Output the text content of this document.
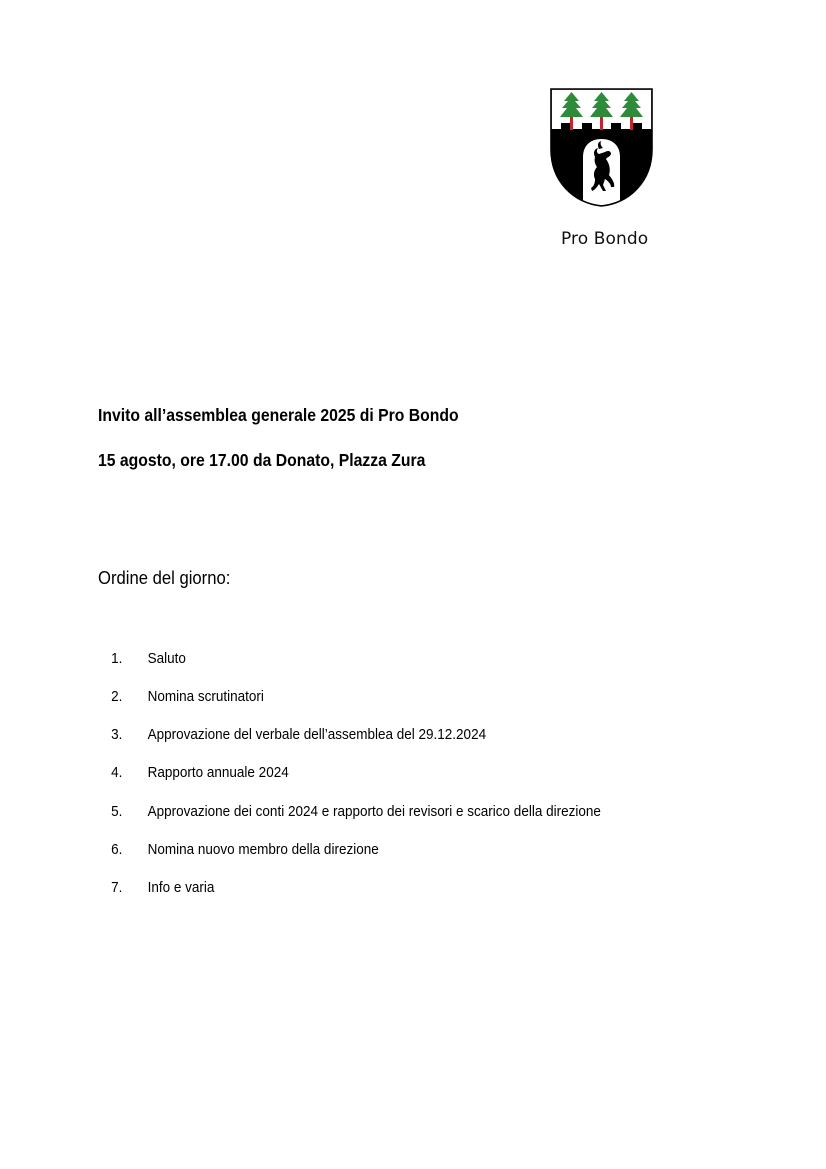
Pro Bondo
Invito all’assemblea generale 2025 di Pro Bondo
15 agosto, ore 17.00 da Donato, Plazza Zura
Ordine del giorno:
1. Saluto
2. Nomina scrutinatori
3. Approvazione del verbale dell’assemblea del 29.12.2024
4. Rapporto annuale 2024
5. Approvazione dei conti 2024 e rapporto dei revisori e scarico della direzione
6. Nomina nuovo membro della direzione
7. Info e varia
